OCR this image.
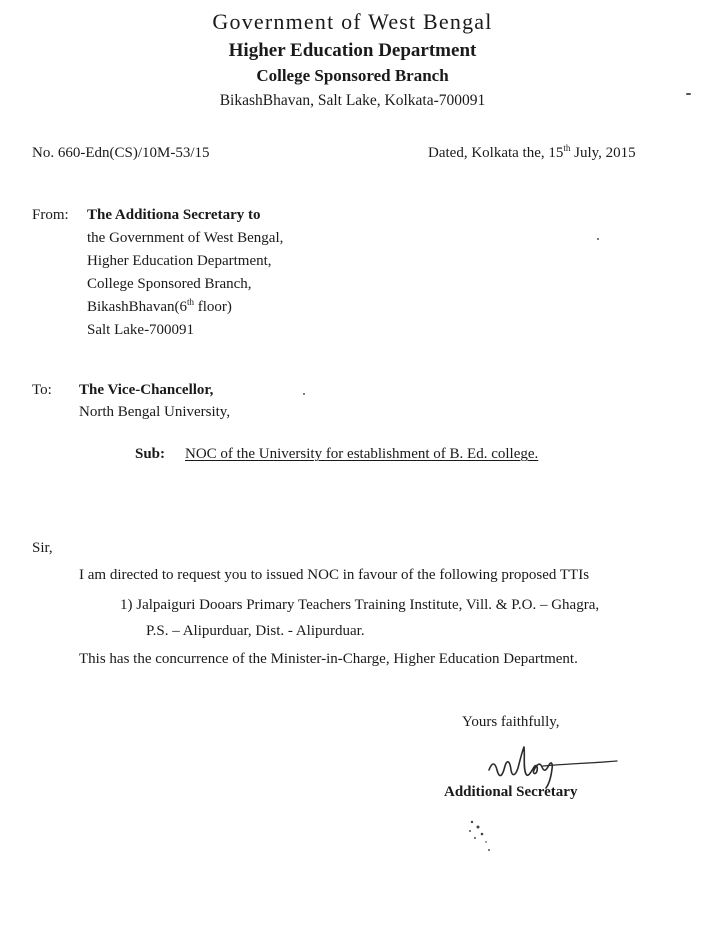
Government of West Bengal
Higher Education Department
College Sponsored Branch
BikashBhavan, Salt Lake, Kolkata-700091
No. 660-Edn(CS)/10M-53/15	Dated, Kolkata the, 15th July, 2015
From: The Additiona Secretary to
the Government of West Bengal,
Higher Education Department,
College Sponsored Branch,
BikashBhavan(6th floor)
Salt Lake-700091
To: The Vice-Chancellor,
North Bengal University,
Sub: NOC of the University for establishment of B. Ed. college.
Sir,
I am directed to request you to issued NOC in favour of the following proposed TTIs
1) Jalpaiguri Dooars Primary Teachers Training Institute, Vill. & P.O. – Ghagra,
P.S. – Alipurduar, Dist. - Alipurduar.
This has the concurrence of the Minister-in-Charge, Higher Education Department.
Yours faithfully,
Additional Secretary
